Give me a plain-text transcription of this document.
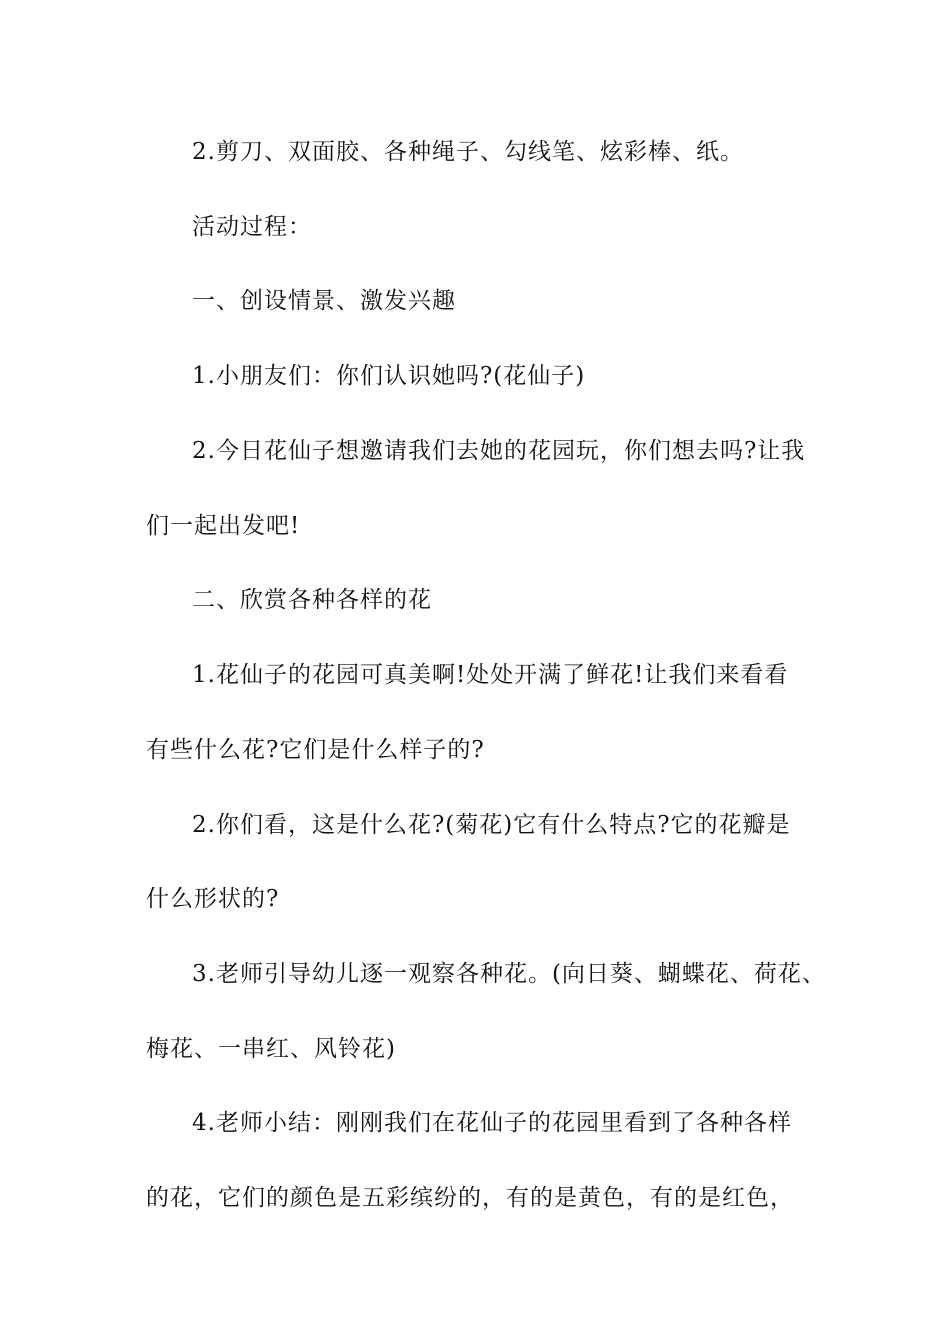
2.剪刀、双面胶、各种绳子、勾线笔、炫彩棒、纸。
活动过程：
一、创设情景、激发兴趣
1.小朋友们：你们认识她吗?(花仙子)
2.今日花仙子想邀请我们去她的花园玩，你们想去吗?让我
们一起出发吧!
二、欣赏各种各样的花
1.花仙子的花园可真美啊!处处开满了鲜花!让我们来看看
有些什么花?它们是什么样子的?
2.你们看，这是什么花?(菊花)它有什么特点?它的花瓣是
什么形状的?
3.老师引导幼儿逐一观察各种花。(向日葵、蝴蝶花、荷花、
梅花、一串红、风铃花)
4.老师小结：刚刚我们在花仙子的花园里看到了各种各样
的花，它们的颜色是五彩缤纷的，有的是黄色，有的是红色，
